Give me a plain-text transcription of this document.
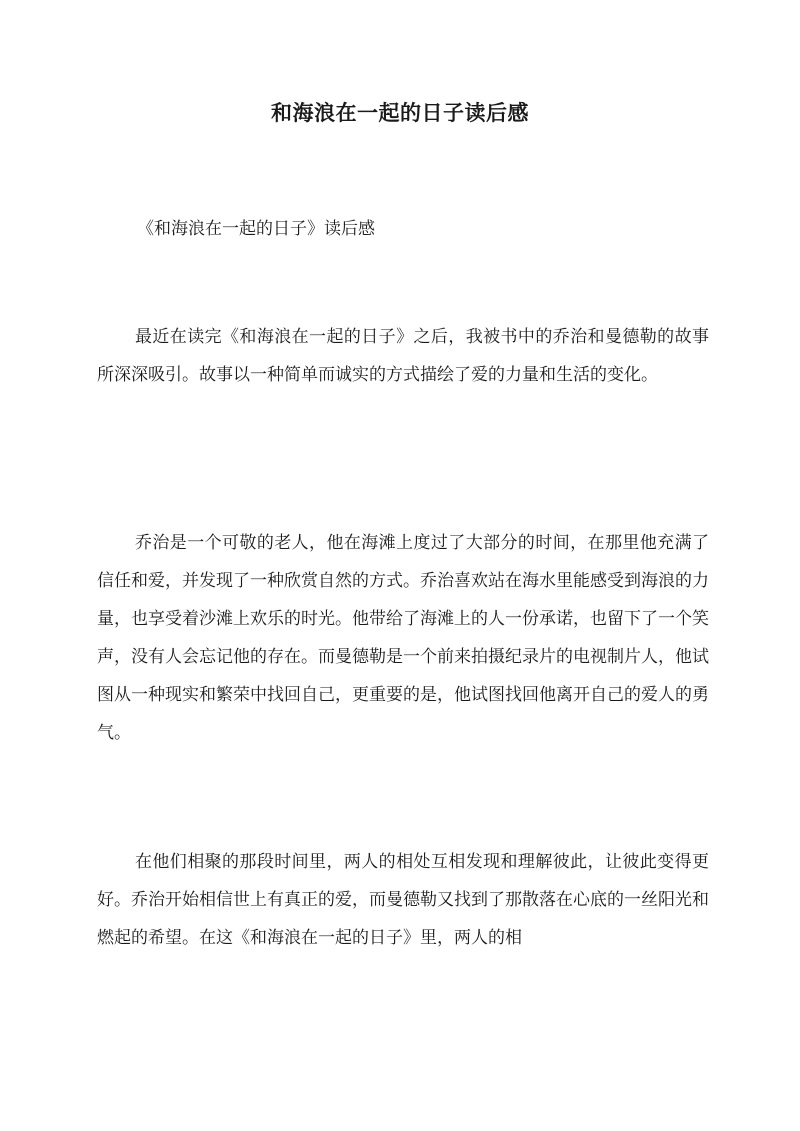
和海浪在一起的日子读后感
《和海浪在一起的日子》读后感

最近在读完《和海浪在一起的日子》之后，我被书中的乔治和曼德勒的故事所深深吸引。故事以一种简单而诚实的方式描绘了爱的力量和生活的变化。

乔治是一个可敬的老人，他在海滩上度过了大部分的时间，在那里他充满了信任和爱，并发现了一种欣赏自然的方式。乔治喜欢站在海水里能感受到海浪的力量，也享受着沙滩上欢乐的时光。他带给了海滩上的人一份承诺，也留下了一个笑声，没有人会忘记他的存在。而曼德勒是一个前来拍摄纪录片的电视制片人，他试图从一种现实和繁荣中找回自己，更重要的是，他试图找回他离开自己的爱人的勇气。

在他们相聚的那段时间里，两人的相处互相发现和理解彼此，让彼此变得更好。乔治开始相信世上有真正的爱，而曼德勒又找到了那散落在心底的一丝阳光和燃起的希望。在这《和海浪在一起的日子》里，两人的相
